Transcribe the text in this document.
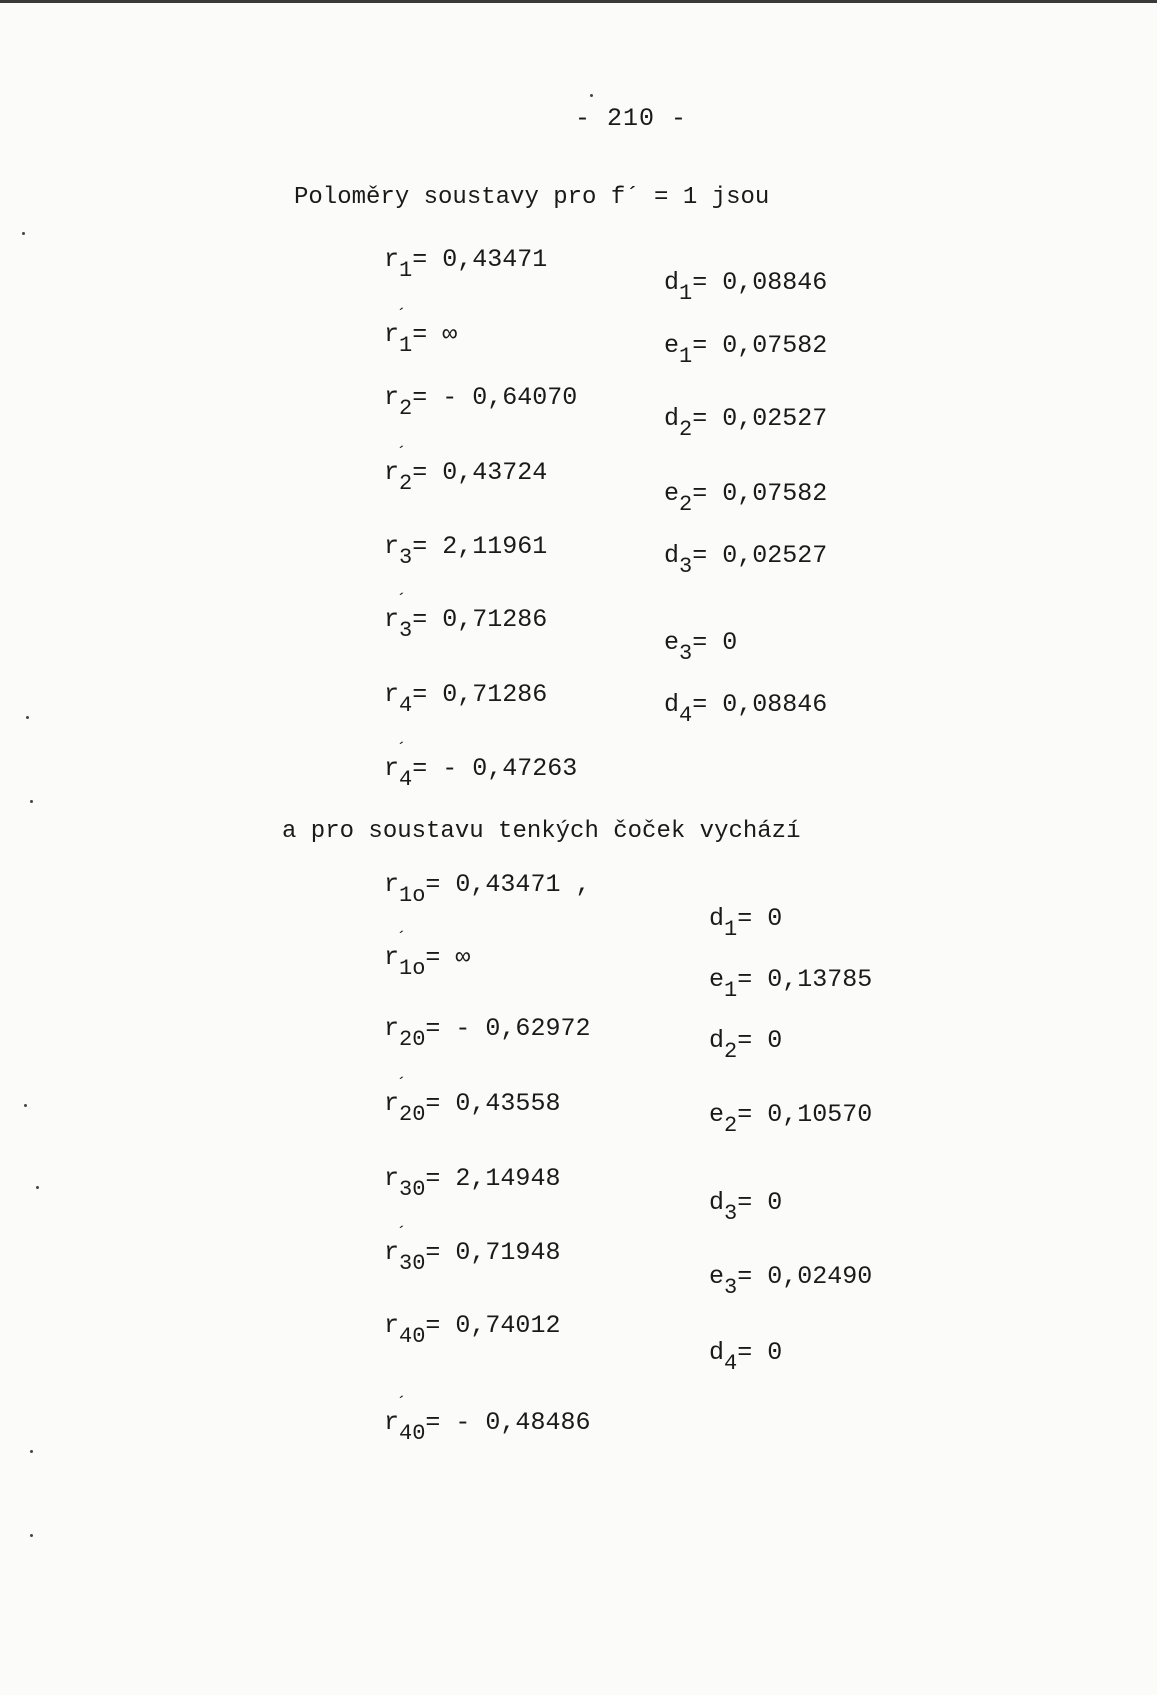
- 210 -
Poloměry soustavy pro f´ = 1 jsou
$r_1= 0,43471$
´
$r_1=$ ∞
$r_2= - 0,64070$
´
$r_2= 0,43724$
$r_3= 2,11961$
´
$r_3= 0,71286$
$r_4= 0,71286$
´
$r_4= - 0,47263$
$d_1= 0,08846$
$e_1= 0,07582$
$d_2= 0,02527$
$e_2= 0,07582$
$d_3= 0,02527$
$e_3= 0$
$d_4= 0,08846$
a pro soustavu tenkých čoček vychází
$r_{1o}= 0,43471$ ,
´
$r_{1o}=$ ∞
$r_{20}= - 0,62972$
´
$r_{20}= 0,43558$
$r_{30}= 2,14948$
´
$r_{30}= 0,71948$
$r_{40}= 0,74012$
´
$r_{40}= - 0,48486$
$d_1= 0$
$e_1= 0,13785$
$d_2= 0$
$e_2= 0,10570$
$d_3= 0$
$e_3= 0,02490$
$d_4= 0$
